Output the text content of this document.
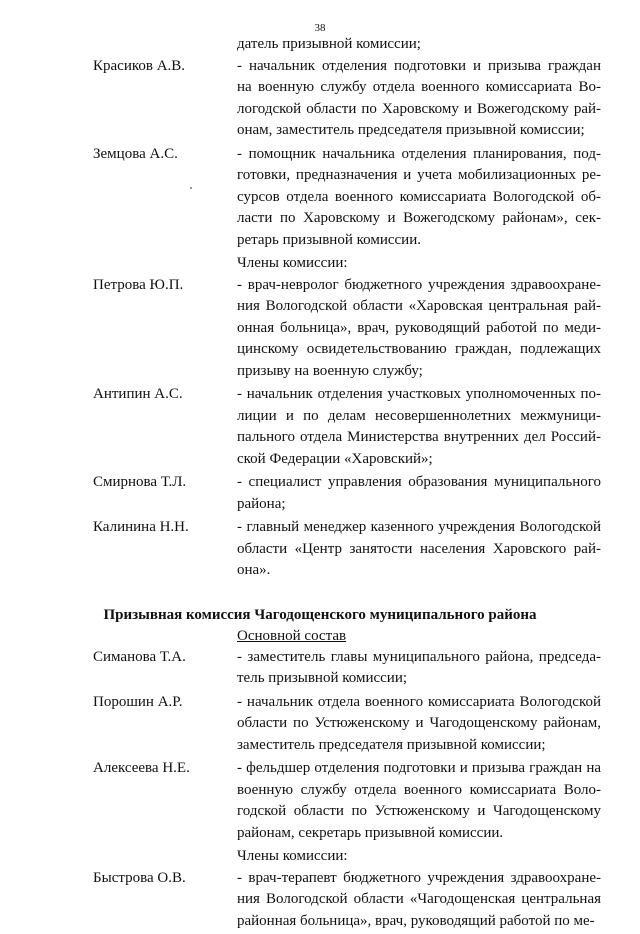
38
датель призывной комиссии;
Красиков А.В.	- начальник отделения подготовки и призыва граждан
на военную службу отдела военного комиссариата Во-
логодской области по Харовскому и Вожегодскому рай-
онам, заместитель председателя призывной комиссии;
Земцова А.С.	- помощник начальника отделения планирования, под-
готовки, предназначения и учета мобилизационных ре-
сурсов отдела военного комиссариата Вологодской об-
ласти по Харовскому и Вожегодскому районам», сек-
ретарь призывной комиссии.
Члены комиссии:
Петрова Ю.П.	- врач-невролог бюджетного учреждения здравоохране-
ния Вологодской области «Харовская центральная рай-
онная больница», врач, руководящий работой по меди-
цинскому освидетельствованию граждан, подлежащих
призыву на военную службу;
Антипин А.С.	- начальник отделения участковых уполномоченных по-
лиции и по делам несовершеннолетних межмуници-
пального отдела Министерства внутренних дел Россий-
ской Федерации «Харовский»;
Смирнова Т.Л.	- специалист управления образования муниципального
района;
Калинина Н.Н.	- главный менеджер казенного учреждения Вологодской
области «Центр занятости населения Харовского рай-
она».
Призывная комиссия Чагодощенского муниципального района
Основной состав
Симанова Т.А.	- заместитель главы муниципального района, председа-
тель призывной комиссии;
Порошин А.Р.	- начальник отдела военного комиссариата Вологодской
области по Устюженскому и Чагодощенскому районам,
заместитель председателя призывной комиссии;
Алексеева Н.Е.	- фельдшер отделения подготовки и призыва граждан на
военную службу отдела военного комиссариата Воло-
годской области по Устюженскому и Чагодощенскому
районам, секретарь призывной комиссии.
Члены комиссии:
Быстрова О.В.	- врач-терапевт бюджетного учреждения здравоохране-
ния Вологодской области «Чагодощенская центральная
районная больница», врач, руководящий работой по ме-
